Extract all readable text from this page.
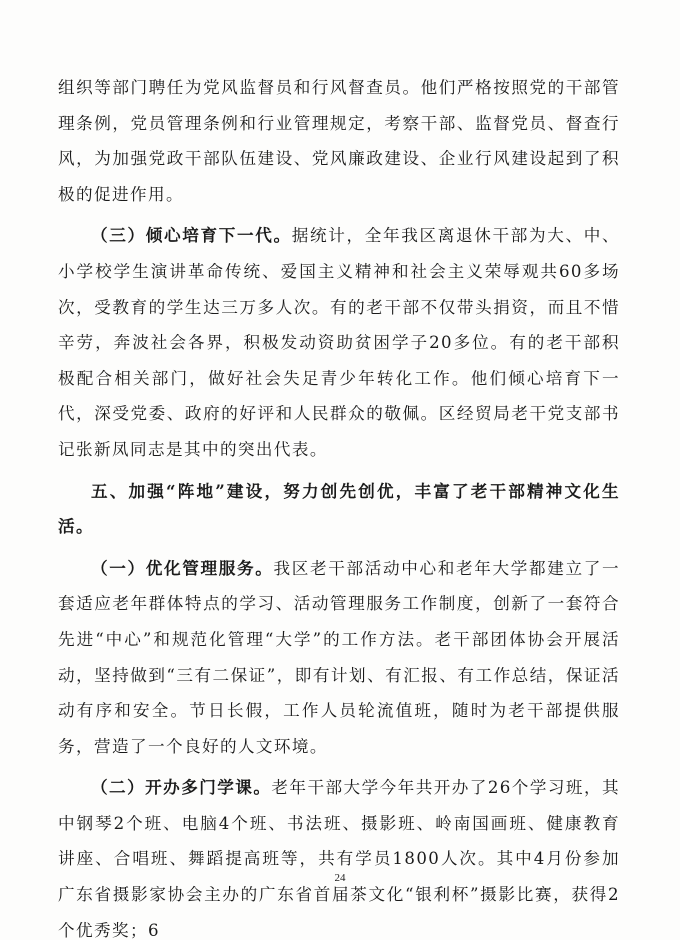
组织等部门聘任为党风监督员和行风督查员。他们严格按照党的干部管理条例，党员管理条例和行业管理规定，考察干部、监督党员、督查行风，为加强党政干部队伍建设、党风廉政建设、企业行风建设起到了积极的促进作用。

（三）倾心培育下一代。据统计，全年我区离退休干部为大、中、小学校学生演讲革命传统、爱国主义精神和社会主义荣辱观共60多场次，受教育的学生达三万多人次。有的老干部不仅带头捐资，而且不惜辛劳，奔波社会各界，积极发动资助贫困学子20多位。有的老干部积极配合相关部门，做好社会失足青少年转化工作。他们倾心培育下一代，深受党委、政府的好评和人民群众的敬佩。区经贸局老干党支部书记张新凤同志是其中的突出代表。

五、加强“阵地”建设，努力创先创优，丰富了老干部精神文化生活。

（一）优化管理服务。我区老干部活动中心和老年大学都建立了一套适应老年群体特点的学习、活动管理服务工作制度，创新了一套符合先进“中心”和规范化管理“大学”的工作方法。老干部团体协会开展活动，坚持做到“三有二保证”，即有计划、有汇报、有工作总结，保证活动有序和安全。节日长假，工作人员轮流值班，随时为老干部提供服务，营造了一个良好的人文环境。

（二）开办多门学课。老年干部大学今年共开办了26个学习班，其中钢琴2个班、电脑4个班、书法班、摄影班、岭南国画班、健康教育讲座、合唱班、舞蹈提高班等，共有学员1800人次。其中4月份参加广东省摄影家协会主办的广东省首届茶文化“银利杯”摄影比赛，获得2个优秀奖；6

24
